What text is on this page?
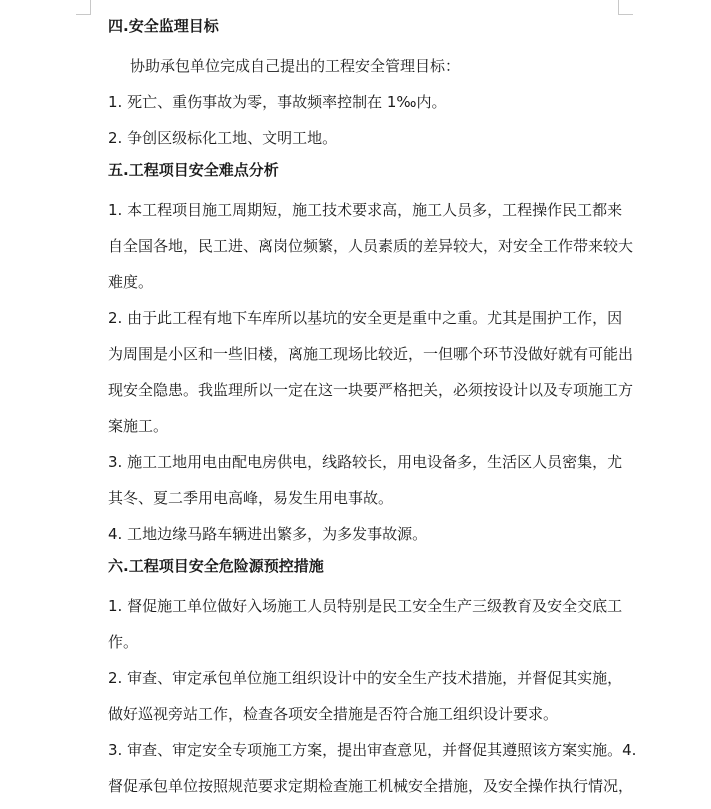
四.安全监理目标
协助承包单位完成自己提出的工程安全管理目标：
1. 死亡、重伤事故为零，事故频率控制在 1‰内。
2. 争创区级标化工地、文明工地。
五.工程项目安全难点分析
1. 本工程项目施工周期短，施工技术要求高，施工人员多，工程操作民工都来
自全国各地，民工进、离岗位频繁，人员素质的差异较大，对安全工作带来较大
难度。
2. 由于此工程有地下车库所以基坑的安全更是重中之重。尤其是围护工作，因
为周围是小区和一些旧楼，离施工现场比较近，一但哪个环节没做好就有可能出
现安全隐患。我监理所以一定在这一块要严格把关，必须按设计以及专项施工方
案施工。
3. 施工工地用电由配电房供电，线路较长，用电设备多，生活区人员密集，尤
其冬、夏二季用电高峰，易发生用电事故。
4. 工地边缘马路车辆进出繁多，为多发事故源。
六.工程项目安全危险源预控措施
1. 督促施工单位做好入场施工人员特别是民工安全生产三级教育及安全交底工
作。
2. 审查、审定承包单位施工组织设计中的安全生产技术措施，并督促其实施，
做好巡视旁站工作，检查各项安全措施是否符合施工组织设计要求。
3. 审查、审定安全专项施工方案，提出审查意见，并督促其遵照该方案实施。4.
督促承包单位按照规范要求定期检查施工机械安全措施，及安全操作执行情况，
